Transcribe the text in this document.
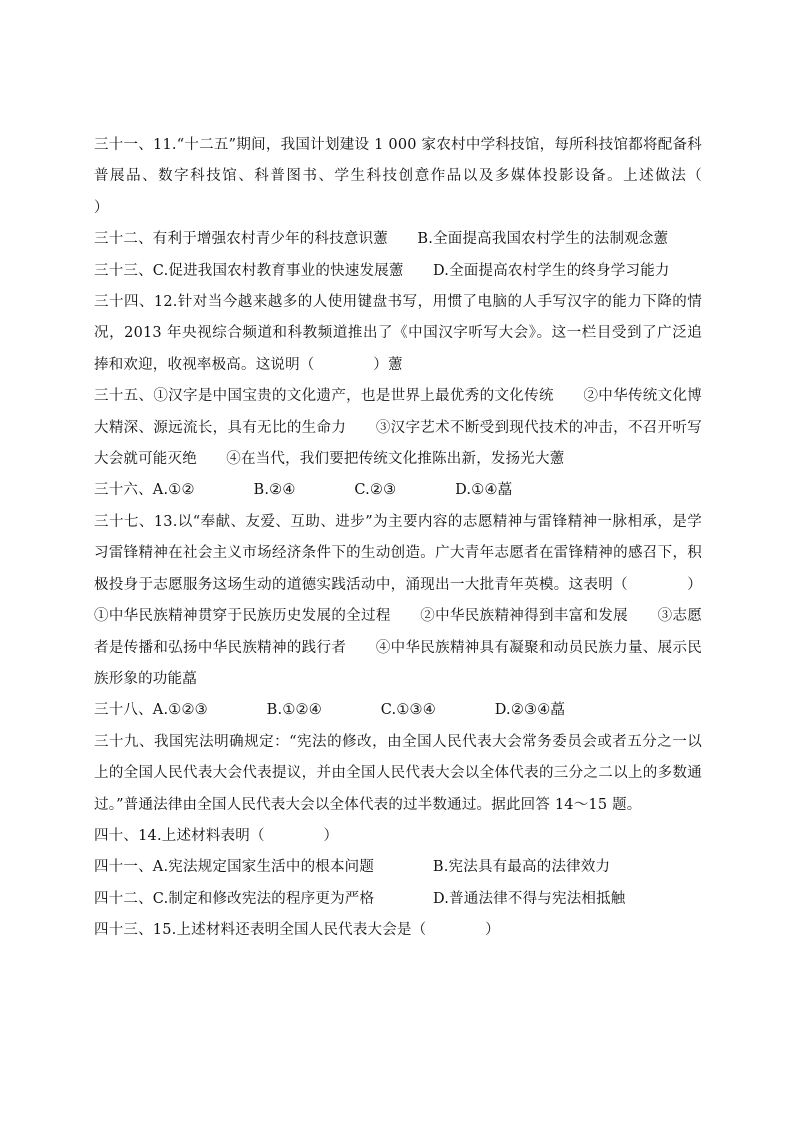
三十一、11.“十二五”期间，我国计划建设 1 000 家农村中学科技馆，每所科技馆都将配备科普展品、数字科技馆、科普图书、学生科技创意作品以及多媒体投影设备。上述做法（　　　　）

三十二、有利于增强农村青少年的科技意识藼　　B.全面提高我国农村学生的法制观念藼

三十三、C.促进我国农村教育事业的快速发展藼　　D.全面提高农村学生的终身学习能力

三十四、12.针对当今越来越多的人使用键盘书写，用惯了电脑的人手写汉字的能力下降的情况，2013 年央视综合频道和科教频道推出了《中国汉字听写大会》。这一栏目受到了广泛追捧和欢迎，收视率极高。这说明（　　　　）藼

三十五、①汉字是中国宝贵的文化遗产，也是世界上最优秀的文化传统　　②中华传统文化博大精深、源远流长，具有无比的生命力　　③汉字艺术不断受到现代技术的冲击，不召开听写大会就可能灭绝　　④在当代，我们要把传统文化推陈出新，发扬光大藼

三十六、A.①②　　　　B.②④　　　　C.②③　　　　D.①④藠

三十七、13.以“奉献、友爱、互助、进步”为主要内容的志愿精神与雷锋精神一脉相承，是学习雷锋精神在社会主义市场经济条件下的生动创造。广大青年志愿者在雷锋精神的感召下，积极投身于志愿服务这场生动的道德实践活动中，涌现出一大批青年英模。这表明（　　　　）①中华民族精神贯穿于民族历史发展的全过程　　②中华民族精神得到丰富和发展　　③志愿者是传播和弘扬中华民族精神的践行者　　④中华民族精神具有凝聚和动员民族力量、展示民族形象的功能藠

三十八、A.①②③　　　　B.①②④　　　　C.①③④　　　　D.②③④藠

三十九、我国宪法明确规定：“宪法的修改，由全国人民代表大会常务委员会或者五分之一以上的全国人民代表大会代表提议，并由全国人民代表大会以全体代表的三分之二以上的多数通过。”普通法律由全国人民代表大会以全体代表的过半数通过。据此回答 14～15 题。

四十、14.上述材料表明（　　　　）

四十一、A.宪法规定国家生活中的根本问题　　　　B.宪法具有最高的法律效力

四十二、C.制定和修改宪法的程序更为严格　　　　D.普通法律不得与宪法相抵触

四十三、15.上述材料还表明全国人民代表大会是（　　　　）
